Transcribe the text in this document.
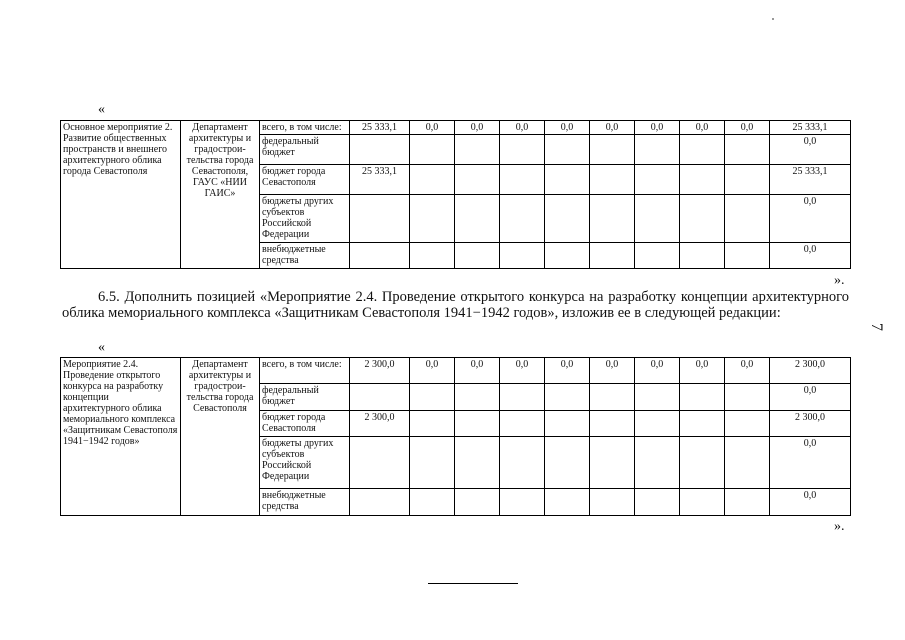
«
Основное мероприятие 2. Развитие общественных пространств и внешнего архитектурного облика города Севастополя	Департамент архитектуры и градострои-тельства города Севастополя, ГАУС «НИИ ГАИС»	всего, в том числе:	25 333,1	0,0	0,0	0,0	0,0	0,0	0,0	0,0	0,0	25 333,1
		федеральный бюджет										0,0
		бюджет города Севастополя	25 333,1									25 333,1
		бюджеты других субъектов Российской Федерации										0,0
		внебюджетные средства										0,0
».
6.5. Дополнить позицией «Мероприятие 2.4. Проведение открытого конкурса на разработку концепции архитектурного облика мемориального комплекса «Защитникам Севастополя 1941−1942 годов», изложив ее в следующей редакции:
«
Мероприятие 2.4. Проведение открытого конкурса на разработку концепции архитектурного облика мемориального комплекса «Защитникам Севастополя 1941−1942 годов»	Департамент архитектуры и градострои-тельства города Севастополя	всего, в том числе:	2 300,0	0,0	0,0	0,0	0,0	0,0	0,0	0,0	0,0	2 300,0
		федеральный бюджет										0,0
		бюджет города Севастополя	2 300,0									2 300,0
		бюджеты других субъектов Российской Федерации										0,0
		внебюджетные средства										0,0
».
7
